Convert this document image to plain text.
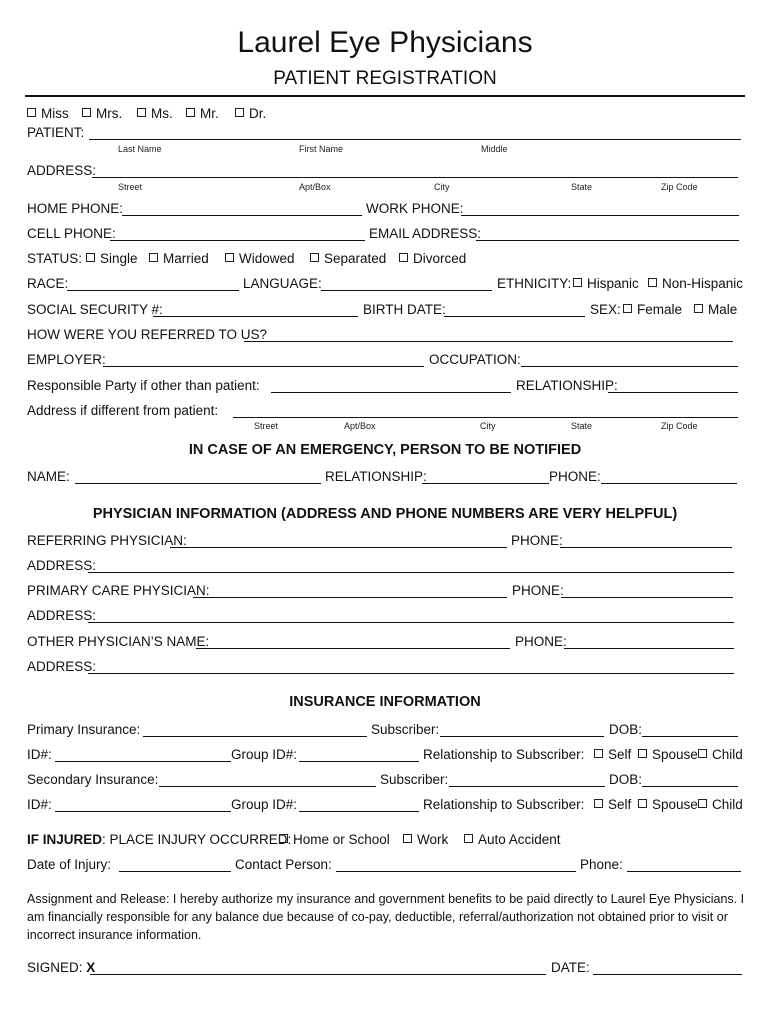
Laurel Eye Physicians
PATIENT REGISTRATION
Miss	Mrs.	Ms.	Mr.	Dr.
PATIENT:
Last Name	First Name	Middle
ADDRESS:
Street	Apt/Box	City	State	Zip Code
HOME PHONE:	WORK PHONE:
CELL PHONE:	EMAIL ADDRESS:
STATUS:	Single	Married	Widowed	Separated	Divorced
RACE:	LANGUAGE:	ETHNICITY:	Hispanic	Non-Hispanic
SOCIAL SECURITY #:	BIRTH DATE:	SEX:	Female	Male
HOW WERE YOU REFERRED TO US?
EMPLOYER:	OCCUPATION:
Responsible Party if other than patient:	RELATIONSHIP:
Address if different from patient:
Street	Apt/Box	City	State	Zip Code
IN CASE OF AN EMERGENCY, PERSON TO BE NOTIFIED
NAME:	RELATIONSHIP:	PHONE:
PHYSICIAN INFORMATION (ADDRESS AND PHONE NUMBERS ARE VERY HELPFUL)
REFERRING PHYSICIAN:	PHONE:
ADDRESS:
PRIMARY CARE PHYSICIAN:	PHONE:
ADDRESS:
OTHER PHYSICIAN’S NAME:	PHONE:
ADDRESS:
INSURANCE INFORMATION
Primary Insurance:	Subscriber:	DOB:
ID#:	Group ID#:	Relationship to Subscriber:	Self	Spouse	Child
Secondary Insurance:	Subscriber:	DOB:
ID#:	Group ID#:	Relationship to Subscriber:	Self	Spouse	Child
IF INJURED: PLACE INJURY OCCURRED: Home or School	Work	Auto Accident
Date of Injury:	Contact Person:	Phone:
Assignment and Release: I hereby authorize my insurance and government benefits to be paid directly to Laurel Eye Physicians. I am financially responsible for any balance due because of co-pay, deductible, referral/authorization not obtained prior to visit or incorrect insurance information.
SIGNED: X	DATE:
